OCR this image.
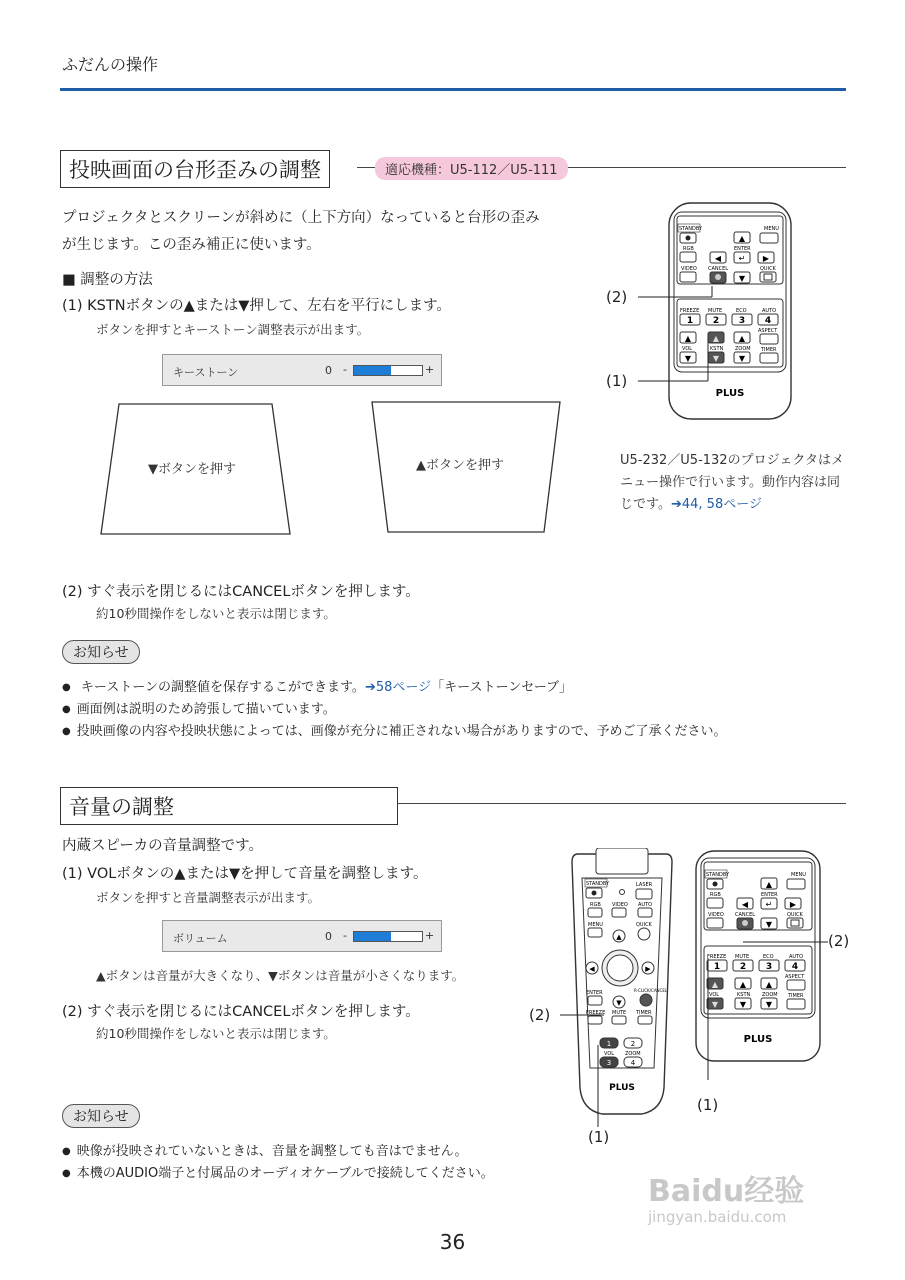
ふだんの操作
投映画面の台形歪みの調整	適応機種：U5-112／U5-111
プロジェクタとスクリーンが斜めに（上下方向）なっていると台形の歪みが生じます。この歪み補正に使います。
■ 調整の方法
(1) KSTNボタンの▲または▼押して、左右を平行にします。
ボタンを押すとキーストーン調整表示が出ます。
キーストーン	0 -	+
▼ボタンを押す	▲ボタンを押す
STANDBY	MENU
▲
RGB	ENTER
◀ ↵ ▶
VIDEO CANCEL
▼
QUICK
FREEZE MUTE	ECO	AUTO
1 2 3 4
ASPECT
▲	▲ ▲
VOL	KSTN ZOOM TIMER
▼	▼ ▼
PLUS
(2)
(1)
U5-232／U5-132のプロジェクタはメニュー操作で行います。動作内容は同じです。➔44, 58ページ
(2) すぐ表示を閉じるにはCANCELボタンを押します。
約10秒間操作をしないと表示は閉じます。
お知らせ
● キーストーンの調整値を保存するこができます。➔58ページ「キーストーンセーブ」
● 画面例は説明のため誇張して描いています。
● 投映画像の内容や投映状態によっては、画像が充分に補正されない場合がありますので、予めご了承ください。
音量の調整
内蔵スピーカの音量調整です。
(1) VOLボタンの▲または▼を押して音量を調整します。
ボタンを押すと音量調整表示が出ます。
ボリューム	0 -	+
▲ボタンは音量が大きくなり、▼ボタンは音量が小さくなります。
(2) すぐ表示を閉じるにはCANCELボタンを押します。
約10秒間操作をしないと表示は閉じます。
STANDBY	LASER
RGB VIDEO AUTO
MENU	QUICK
▲
◀	▶
ENTER	R-CLICK/CANCEL
▼
FREEZE MUTE TIMER
1	2
VOL ZOOM
3	4
PLUS
STANDBY	MENU
▲
RGB	ENTER
◀ ↵ ▶
VIDEO CANCEL
▼
QUICK
FREEZE MUTE	ECO	AUTO
1 2 3 4
ASPECT
▲	▲ ▲
VOL	KSTN ZOOM TIMER
▼	▼ ▼
PLUS
(2)
(1)
(2)
(1)
お知らせ
● 映像が投映されていないときは、音量を調整しても音はでません。
● 本機のAUDIO端子と付属品のオーディオケーブルで接続してください。
36
Baidu经验
jingyan.baidu.com
